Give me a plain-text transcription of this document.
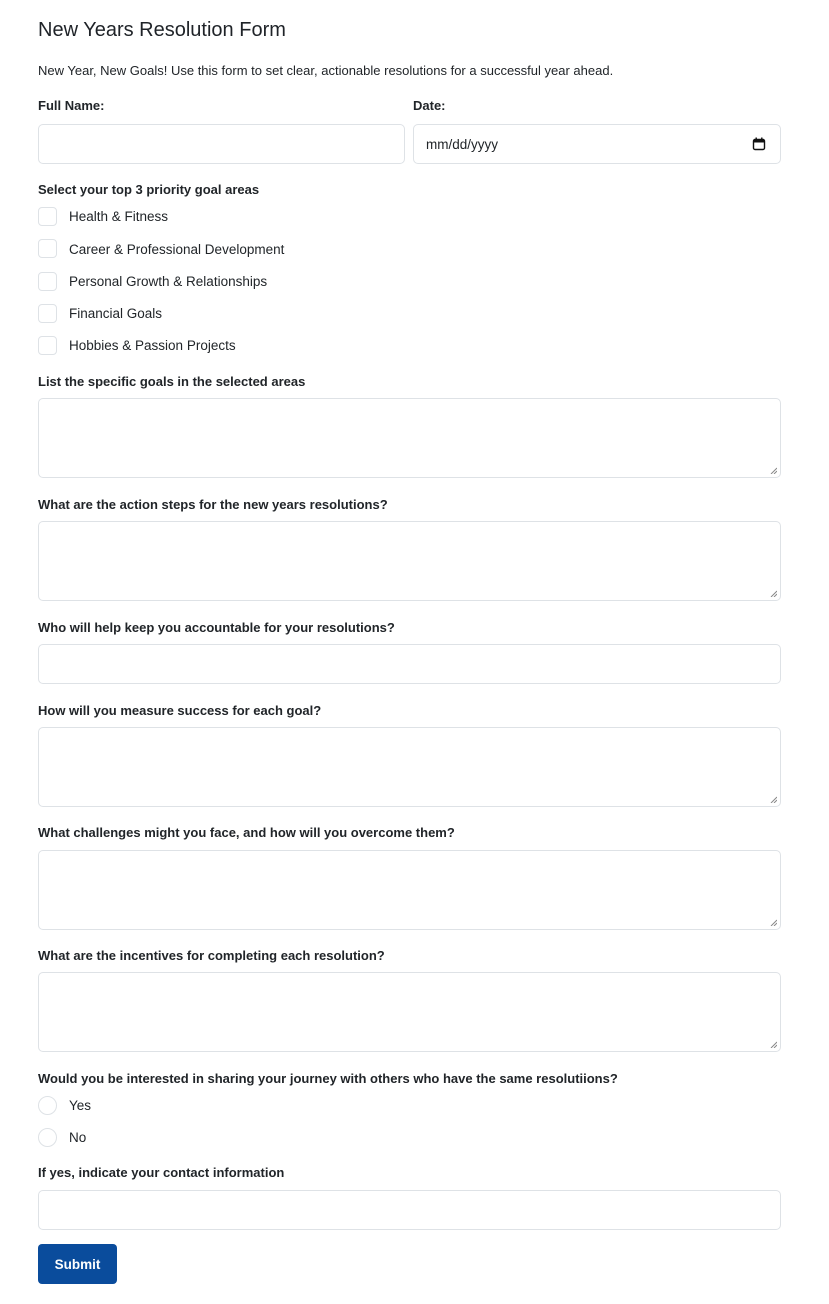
New Years Resolution Form
New Year, New Goals! Use this form to set clear, actionable resolutions for a successful year ahead.
Full Name:	Date:
mm/dd/yyyy
Select your top 3 priority goal areas
Health & Fitness
Career & Professional Development
Personal Growth & Relationships
Financial Goals
Hobbies & Passion Projects
List the specific goals in the selected areas
What are the action steps for the new years resolutions?
Who will help keep you accountable for your resolutions?
How will you measure success for each goal?
What challenges might you face, and how will you overcome them?
What are the incentives for completing each resolution?
Would you be interested in sharing your journey with others who have the same resolutiions?
Yes
No
If yes, indicate your contact information
Submit
